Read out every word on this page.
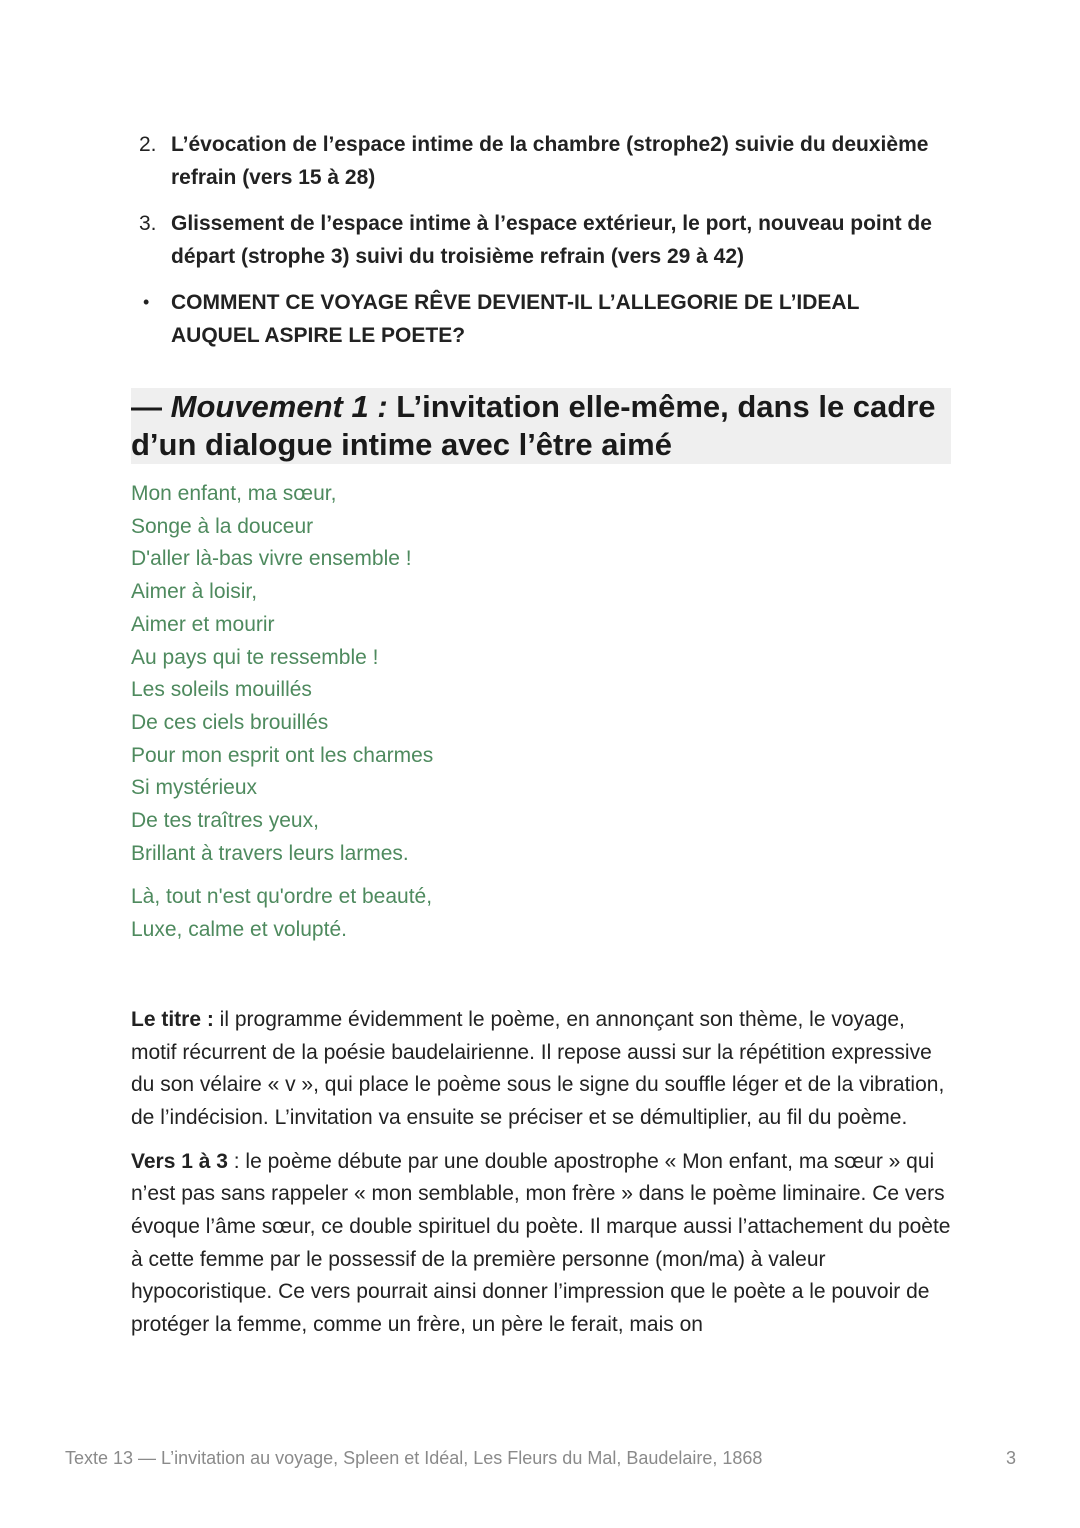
2. L’évocation de l’espace intime de la chambre (strophe2) suivie du deuxième refrain (vers 15 à 28)
3. Glissement de l’espace intime à l’espace extérieur, le port, nouveau point de départ (strophe 3) suivi du troisième refrain (vers 29 à 42)
• COMMENT CE VOYAGE RÊVE DEVIENT-IL L’ALLEGORIE DE L’IDEAL AUQUEL ASPIRE LE POETE?
— Mouvement 1 : L’invitation elle-même, dans le cadre d’un dialogue intime avec l’être aimé
Mon enfant, ma sœur,
Songe à la douceur
D'aller là-bas vivre ensemble !
Aimer à loisir,
Aimer et mourir
Au pays qui te ressemble !
Les soleils mouillés
De ces ciels brouillés
Pour mon esprit ont les charmes
Si mystérieux
De tes traîtres yeux,
Brillant à travers leurs larmes.
Là, tout n'est qu'ordre et beauté,
Luxe, calme et volupté.

Le titre : il programme évidemment le poème, en annonçant son thème, le voyage, motif récurrent de la poésie baudelairienne. Il repose aussi sur la répétition expressive du son vélaire « v », qui place le poème sous le signe du souffle léger et de la vibration, de l’indécision. L’invitation va ensuite se préciser et se démultiplier, au fil du poème.

Vers 1 à 3 : le poème débute par une double apostrophe « Mon enfant, ma sœur » qui n’est pas sans rappeler « mon semblable, mon frère » dans le poème liminaire. Ce vers évoque l’âme sœur, ce double spirituel du poète. Il marque aussi l’attachement du poète à cette femme par le possessif de la première personne (mon/ma) à valeur hypocoristique. Ce vers pourrait ainsi donner l’impression que le poète a le pouvoir de protéger la femme, comme un frère, un père le ferait, mais on

Texte 13 — L’invitation au voyage, Spleen et Idéal, Les Fleurs du Mal, Baudelaire, 1868	3
